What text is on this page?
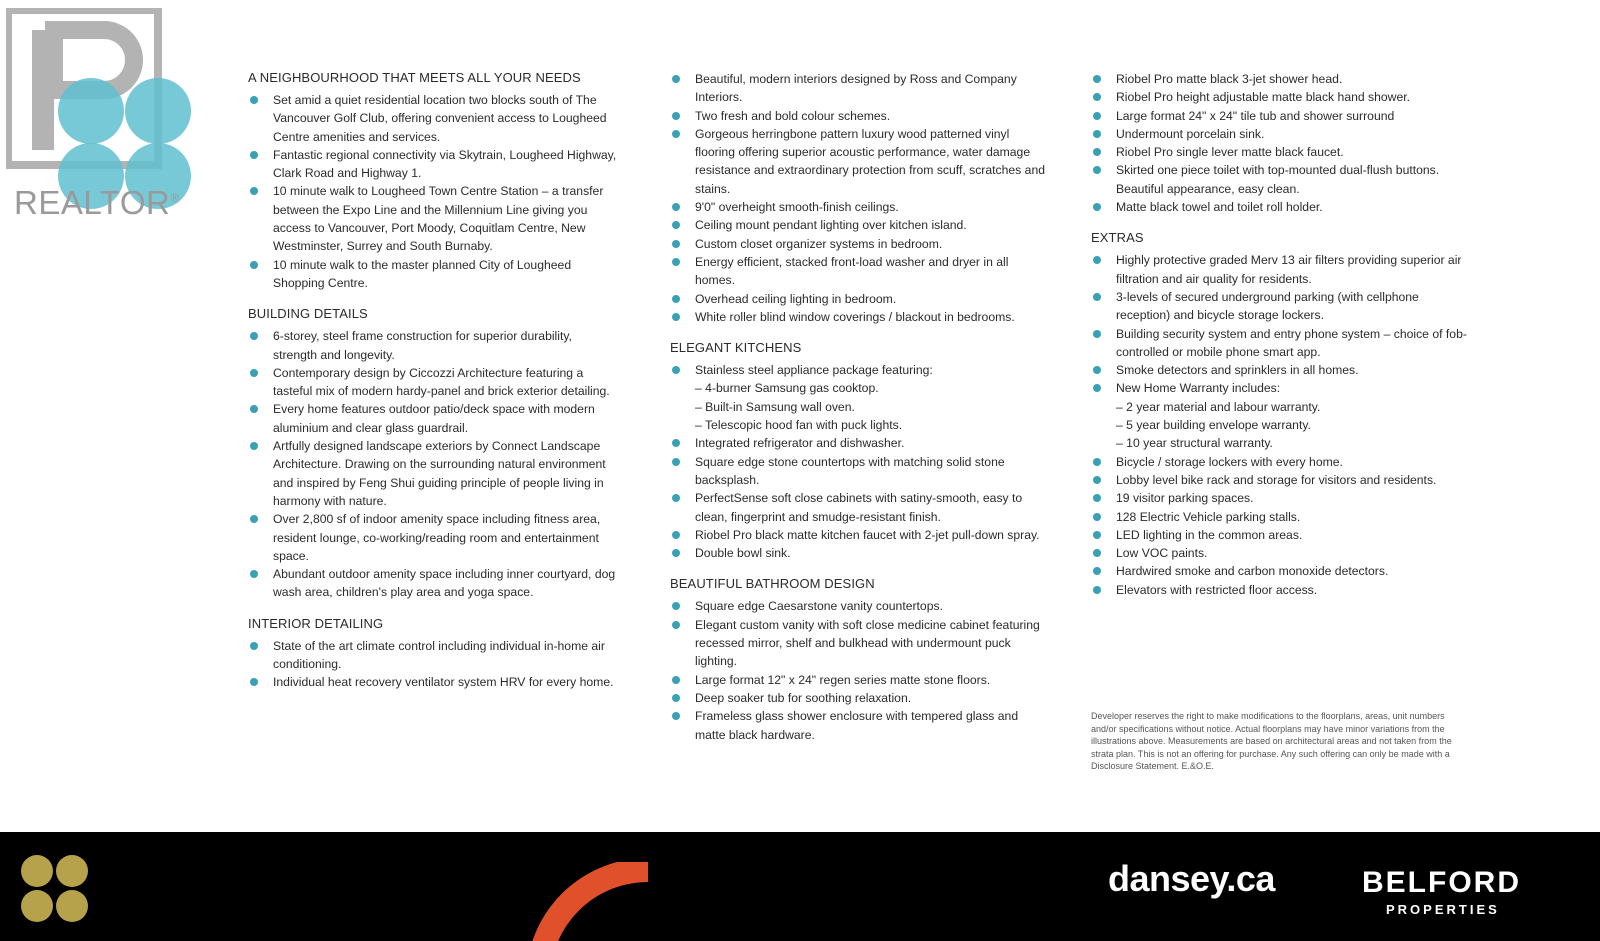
REALTOR®
A NEIGHBOURHOOD THAT MEETS ALL YOUR NEEDS
Set amid a quiet residential location two blocks south of The Vancouver Golf Club, offering convenient access to Lougheed Centre amenities and services.
Fantastic regional connectivity via Skytrain, Lougheed Highway, Clark Road and Highway 1.
10 minute walk to Lougheed Town Centre Station – a transfer between the Expo Line and the Millennium Line giving you access to Vancouver, Port Moody, Coquitlam Centre, New Westminster, Surrey and South Burnaby.
10 minute walk to the master planned City of Lougheed Shopping Centre.
BUILDING DETAILS
6-storey, steel frame construction for superior durability, strength and longevity.
Contemporary design by Ciccozzi Architecture featuring a tasteful mix of modern hardy-panel and brick exterior detailing.
Every home features outdoor patio/deck space with modern aluminium and clear glass guardrail.
Artfully designed landscape exteriors by Connect Landscape Architecture. Drawing on the surrounding natural environment and inspired by Feng Shui guiding principle of people living in harmony with nature.
Over 2,800 sf of indoor amenity space including fitness area, resident lounge, co-working/reading room and entertainment space.
Abundant outdoor amenity space including inner courtyard, dog wash area, children's play area and yoga space.
INTERIOR DETAILING
State of the art climate control including individual in-home air conditioning.
Individual heat recovery ventilator system HRV for every home.
Beautiful, modern interiors designed by Ross and Company Interiors.
Two fresh and bold colour schemes.
Gorgeous herringbone pattern luxury wood patterned vinyl flooring offering superior acoustic performance, water damage resistance and extraordinary protection from scuff, scratches and stains.
9'0" overheight smooth-finish ceilings.
Ceiling mount pendant lighting over kitchen island.
Custom closet organizer systems in bedroom.
Energy efficient, stacked front-load washer and dryer in all homes.
Overhead ceiling lighting in bedroom.
White roller blind window coverings / blackout in bedrooms.
ELEGANT KITCHENS
Stainless steel appliance package featuring:
– 4-burner Samsung gas cooktop.
– Built-in Samsung wall oven.
– Telescopic hood fan with puck lights.
Integrated refrigerator and dishwasher.
Square edge stone countertops with matching solid stone backsplash.
PerfectSense soft close cabinets with satiny-smooth, easy to clean, fingerprint and smudge-resistant finish.
Riobel Pro black matte kitchen faucet with 2-jet pull-down spray.
Double bowl sink.
BEAUTIFUL BATHROOM DESIGN
Square edge Caesarstone vanity countertops.
Elegant custom vanity with soft close medicine cabinet featuring recessed mirror, shelf and bulkhead with undermount puck lighting.
Large format 12" x 24" regen series matte stone floors.
Deep soaker tub for soothing relaxation.
Frameless glass shower enclosure with tempered glass and matte black hardware.
Riobel Pro matte black 3-jet shower head.
Riobel Pro height adjustable matte black hand shower.
Large format 24" x 24" tile tub and shower surround
Undermount porcelain sink.
Riobel Pro single lever matte black faucet.
Skirted one piece toilet with top-mounted dual-flush buttons. Beautiful appearance, easy clean.
Matte black towel and toilet roll holder.
EXTRAS
Highly protective graded Merv 13 air filters providing superior air filtration and air quality for residents.
3-levels of secured underground parking (with cellphone reception) and bicycle storage lockers.
Building security system and entry phone system – choice of fob-controlled or mobile phone smart app.
Smoke detectors and sprinklers in all homes.
New Home Warranty includes:
– 2 year material and labour warranty.
– 5 year building envelope warranty.
– 10 year structural warranty.
Bicycle / storage lockers with every home.
Lobby level bike rack and storage for visitors and residents.
19 visitor parking spaces.
128 Electric Vehicle parking stalls.
LED lighting in the common areas.
Low VOC paints.
Hardwired smoke and carbon monoxide detectors.
Elevators with restricted floor access.
Developer reserves the right to make modifications to the floorplans, areas, unit numbers and/or specifications without notice. Actual floorplans may have minor variations from the illustrations above. Measurements are based on architectural areas and not taken from the strata plan. This is not an offering for purchase. Any such offering can only be made with a Disclosure Statement. E.&O.E.
dansey.ca	BELFORD
PROPERTIES
